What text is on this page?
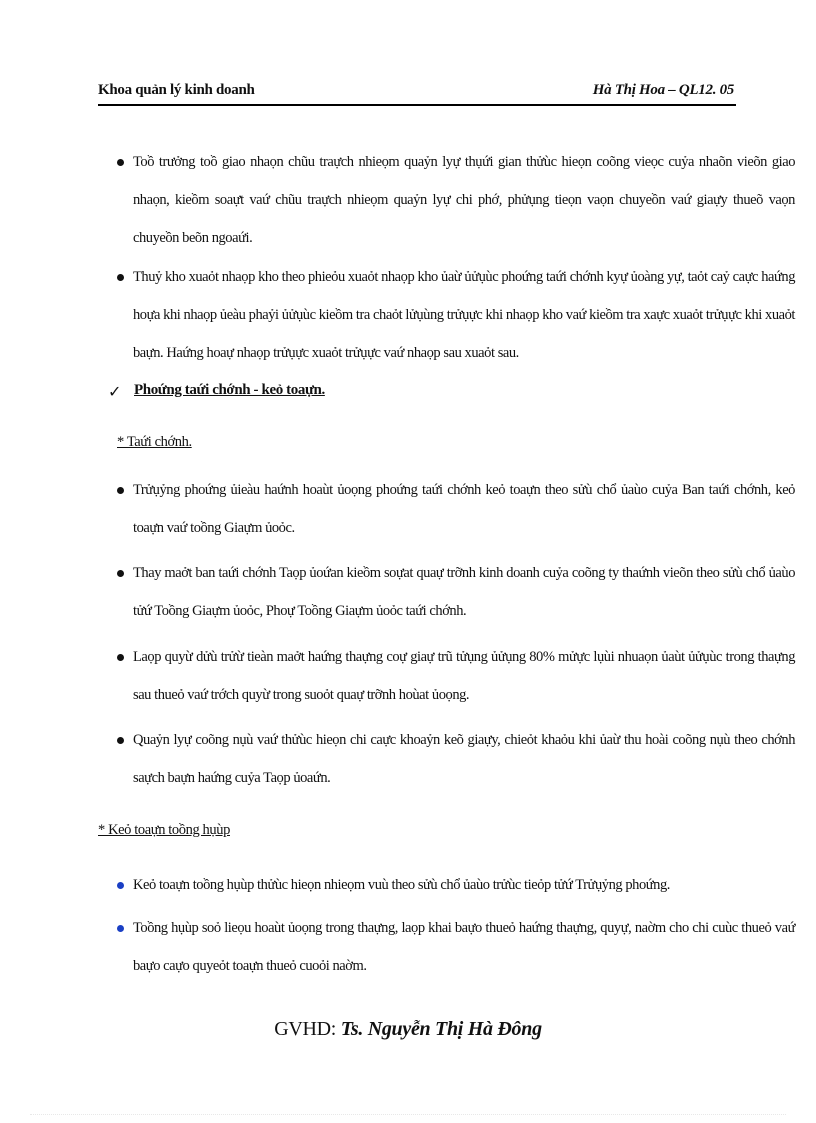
Khoa quản lý kinh doanh	Hà Thị Hoa – QL12. 05
Toồ trưởng toồ giao nhaọn chũu traựch nhieọm quaỷn lyự thụứi gian thửùc hieọn coõng vieọc cuỷa nhaõn vieõn giao nhaọn, kieồm soaựt vaứ chũu traựch nhieọm quaỷn lyự chi phớ, phửụng tieọn vaọn chuyeồn vaứ giaựy thueõ vaọn chuyeồn beõn ngoaứi.
Thuỷ kho xuaỏt nhaọp kho theo phieỏu xuaỏt nhaọp kho ủaừ ủửụùc phoứng taứi chớnh kyự ủoàng yự, taỏt caỷ caực haứng hoựa khi nhaọp ủeàu phaỷi ủửụùc kieồm tra chaỏt lửụùng trửụực khi nhaọp kho vaứ kieồm tra xaực xuaỏt trửụực khi xuaỏt baựn. Haứng hoaự nhaọp trửụực xuaỏt trửụực vaứ nhaọp sau xuaỏt sau.
✓ Phoứng taứi chớnh - keỏ toaựn.
* Taứi chớnh.
Trửụỷng phoứng ủieàu haứnh hoaùt ủoọng phoứng taứi chớnh keỏ toaựn theo sửù chổ ủaùo cuỷa Ban taứi chớnh, keỏ toaựn vaứ toồng Giaựm ủoỏc.
Thay maởt ban taứi chớnh Taọp ủoứan kieồm soựat quaự trỡnh kinh doanh cuỷa coõng ty thaứnh vieõn theo sửù chổ ủaùo tửứ Toồng Giaựm ủoỏc, Phoự Toồng Giaựm ủoỏc taứi chớnh.
Laọp quyừ dửù trửừ tieàn maởt haứng thaựng coự giaự trũ tửụng ủửụng 80% mửực lụùi nhuaọn ủaùt ủửụùc trong thaựng sau thueỏ vaứ trớch quyừ trong suoỏt quaự trỡnh hoùat ủoọng.
Quaỷn lyự coõng nụù vaứ thửùc hieọn chi caực khoaỷn keõ giaựy, chieỏt khaỏu khi ủaừ thu hoài coõng nụù theo chớnh saựch baựn haứng cuỷa Taọp ủoaứn.
* Keỏ toaựn toồng hụùp
Keỏ toaựn toồng hụùp thửùc hieọn nhieọm vuù theo sửù chổ ủaùo trửùc tieỏp tửứ Trửụỷng phoứng.
Toồng hụùp soỏ lieọu hoaùt ủoọng trong thaựng, laọp khai baựo thueỏ haứng thaựng, quyự, naờm cho chi cuùc thueỏ vaứ baựo caựo quyeỏt toaựn thueỏ cuoỏi naờm.
GVHD: Ts. Nguyễn Thị Hà Đông
